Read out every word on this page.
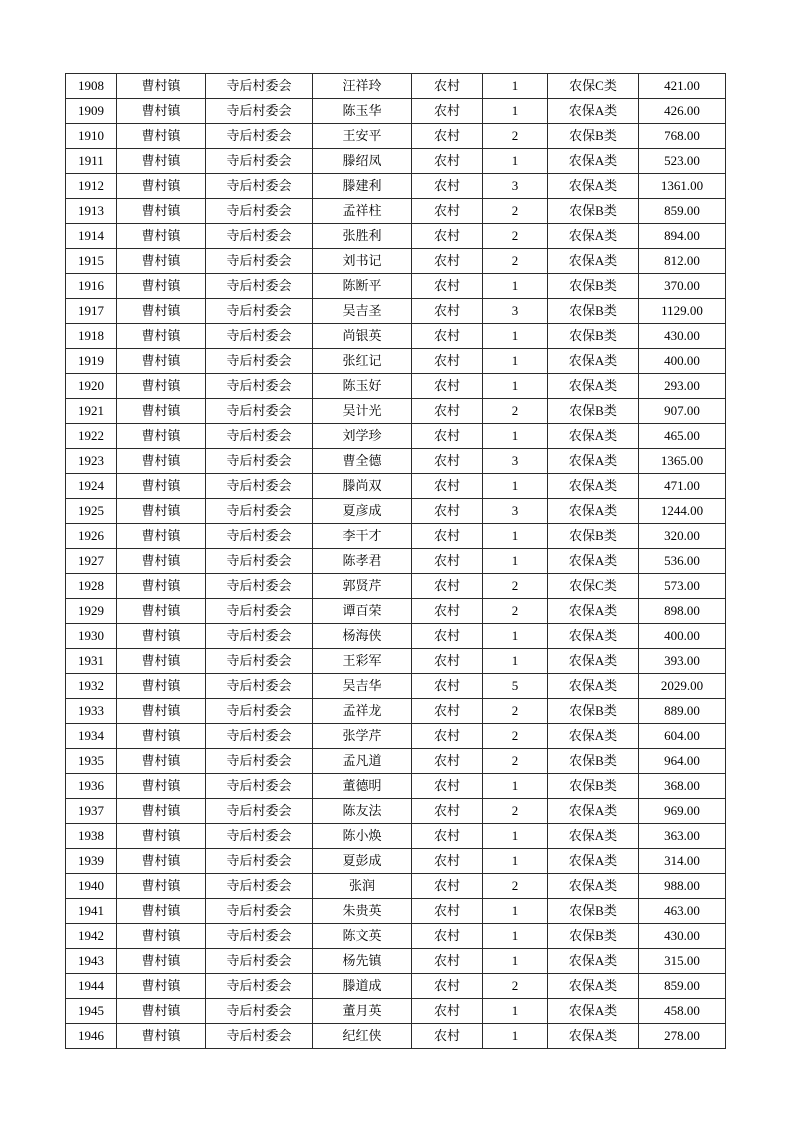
1908	曹村镇	寺后村委会	汪祥玲	农村	1	农保C类	421.00
1909	曹村镇	寺后村委会	陈玉华	农村	1	农保A类	426.00
1910	曹村镇	寺后村委会	王安平	农村	2	农保B类	768.00
1911	曹村镇	寺后村委会	滕绍凤	农村	1	农保A类	523.00
1912	曹村镇	寺后村委会	滕建利	农村	3	农保A类	1361.00
1913	曹村镇	寺后村委会	孟祥柱	农村	2	农保B类	859.00
1914	曹村镇	寺后村委会	张胜利	农村	2	农保A类	894.00
1915	曹村镇	寺后村委会	刘书记	农村	2	农保A类	812.00
1916	曹村镇	寺后村委会	陈断平	农村	1	农保B类	370.00
1917	曹村镇	寺后村委会	吴吉圣	农村	3	农保B类	1129.00
1918	曹村镇	寺后村委会	尚银英	农村	1	农保B类	430.00
1919	曹村镇	寺后村委会	张红记	农村	1	农保A类	400.00
1920	曹村镇	寺后村委会	陈玉好	农村	1	农保A类	293.00
1921	曹村镇	寺后村委会	吴计光	农村	2	农保B类	907.00
1922	曹村镇	寺后村委会	刘学珍	农村	1	农保A类	465.00
1923	曹村镇	寺后村委会	曹全德	农村	3	农保A类	1365.00
1924	曹村镇	寺后村委会	滕尚双	农村	1	农保A类	471.00
1925	曹村镇	寺后村委会	夏彦成	农村	3	农保A类	1244.00
1926	曹村镇	寺后村委会	李干才	农村	1	农保B类	320.00
1927	曹村镇	寺后村委会	陈孝君	农村	1	农保A类	536.00
1928	曹村镇	寺后村委会	郭贤芹	农村	2	农保C类	573.00
1929	曹村镇	寺后村委会	谭百荣	农村	2	农保A类	898.00
1930	曹村镇	寺后村委会	杨海侠	农村	1	农保A类	400.00
1931	曹村镇	寺后村委会	王彩军	农村	1	农保A类	393.00
1932	曹村镇	寺后村委会	吴吉华	农村	5	农保A类	2029.00
1933	曹村镇	寺后村委会	孟祥龙	农村	2	农保B类	889.00
1934	曹村镇	寺后村委会	张学芹	农村	2	农保A类	604.00
1935	曹村镇	寺后村委会	孟凡道	农村	2	农保B类	964.00
1936	曹村镇	寺后村委会	董德明	农村	1	农保B类	368.00
1937	曹村镇	寺后村委会	陈友法	农村	2	农保A类	969.00
1938	曹村镇	寺后村委会	陈小焕	农村	1	农保A类	363.00
1939	曹村镇	寺后村委会	夏彭成	农村	1	农保A类	314.00
1940	曹村镇	寺后村委会	张润	农村	2	农保A类	988.00
1941	曹村镇	寺后村委会	朱贵英	农村	1	农保B类	463.00
1942	曹村镇	寺后村委会	陈文英	农村	1	农保B类	430.00
1943	曹村镇	寺后村委会	杨先镇	农村	1	农保A类	315.00
1944	曹村镇	寺后村委会	滕道成	农村	2	农保A类	859.00
1945	曹村镇	寺后村委会	董月英	农村	1	农保A类	458.00
1946	曹村镇	寺后村委会	纪红侠	农村	1	农保A类	278.00
